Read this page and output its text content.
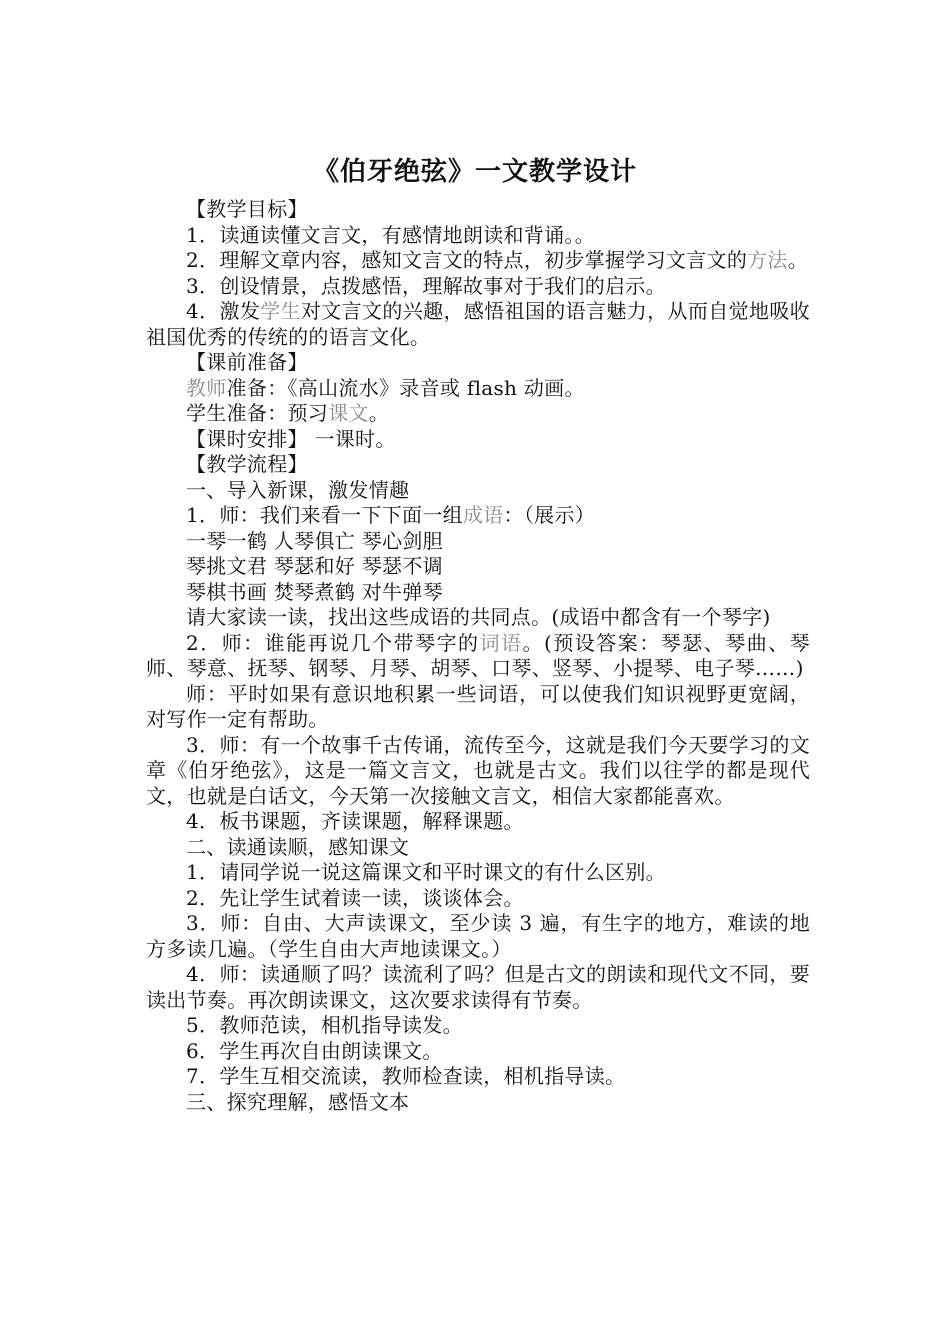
《伯牙绝弦》一文教学设计

【教学目标】

1．读通读懂文言文，有感情地朗读和背诵。。

2．理解文章内容，感知文言文的特点，初步掌握学习文言文的方法。

3．创设情景，点拨感悟，理解故事对于我们的启示。

4．激发学生对文言文的兴趣，感悟祖国的语言魅力，从而自觉地吸收祖国优秀的传统的的语言文化。

【课前准备】

教师准备：《高山流水》录音或 flash 动画。

学生准备：预习课文。

【课时安排】 一课时。

【教学流程】

一、导入新课，激发情趣

1．师：我们来看一下下面一组成语：（展示）

一琴一鹤 人琴俱亡 琴心剑胆

琴挑文君 琴瑟和好 琴瑟不调

琴棋书画 焚琴煮鹤 对牛弹琴

请大家读一读，找出这些成语的共同点。(成语中都含有一个琴字)

2．师：谁能再说几个带琴字的词语。(预设答案：琴瑟、琴曲、琴师、琴意、抚琴、钢琴、月琴、胡琴、口琴、竖琴、小提琴、电子琴……)

师：平时如果有意识地积累一些词语，可以使我们知识视野更宽阔，对写作一定有帮助。

3．师：有一个故事千古传诵，流传至今，这就是我们今天要学习的文章《伯牙绝弦》，这是一篇文言文，也就是古文。我们以往学的都是现代文，也就是白话文，今天第一次接触文言文，相信大家都能喜欢。

4．板书课题，齐读课题，解释课题。

二、读通读顺，感知课文

1．请同学说一说这篇课文和平时课文的有什么区别。

2．先让学生试着读一读，谈谈体会。

3．师：自由、大声读课文，至少读 3 遍，有生字的地方，难读的地方多读几遍。（学生自由大声地读课文。）

4．师：读通顺了吗？读流利了吗？但是古文的朗读和现代文不同，要读出节奏。再次朗读课文，这次要求读得有节奏。

5．教师范读，相机指导读发。

6．学生再次自由朗读课文。

7．学生互相交流读，教师检查读，相机指导读。

三、探究理解，感悟文本
